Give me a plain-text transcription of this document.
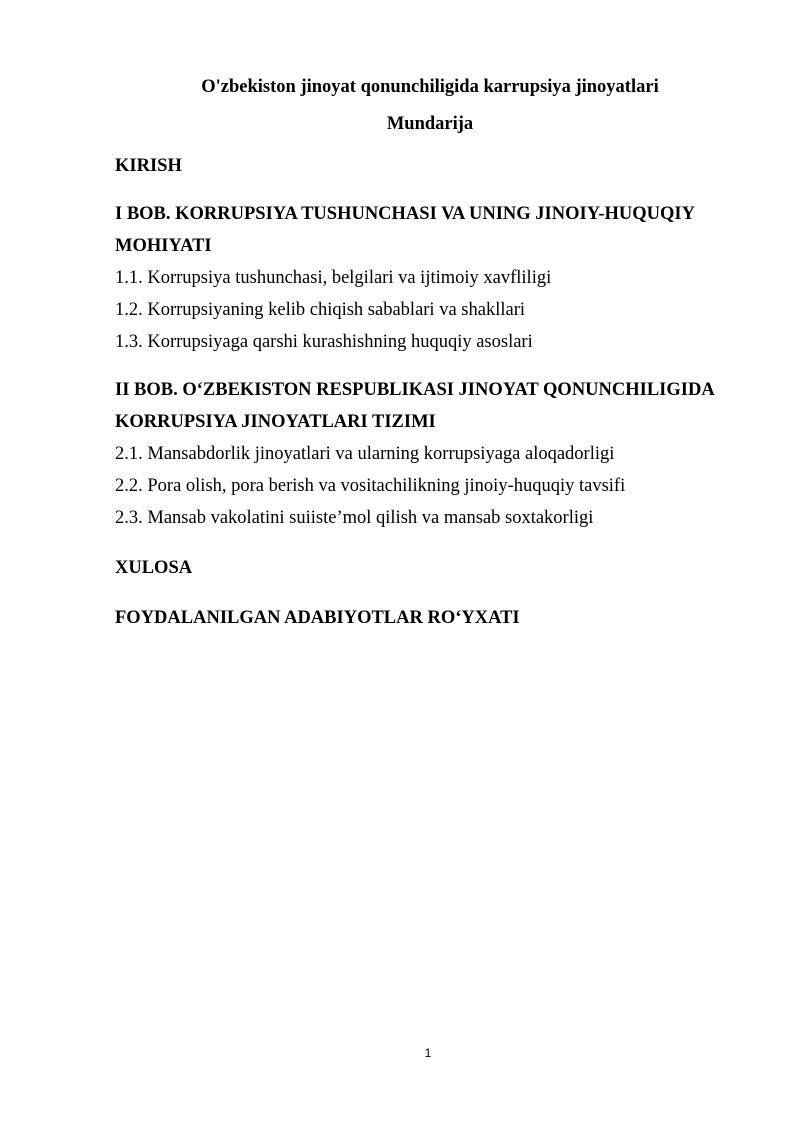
O'zbekiston jinoyat qonunchiligida karrupsiya jinoyatlari
Mundarija

KIRISH

I BOB. KORRUPSIYA TUSHUNCHASI VA UNING JINOIY-HUQUQIY

MOHIYATI

1.1. Korrupsiya tushunchasi, belgilari va ijtimoiy xavfliligi

1.2. Korrupsiyaning kelib chiqish sabablari va shakllari

1.3. Korrupsiyaga qarshi kurashishning huquqiy asoslari

II BOB. O‘ZBEKISTON RESPUBLIKASI JINOYAT QONUNCHILIGIDA

KORRUPSIYA JINOYATLARI TIZIMI

2.1. Mansabdorlik jinoyatlari va ularning korrupsiyaga aloqadorligi

2.2. Pora olish, pora berish va vositachilikning jinoiy-huquqiy tavsifi

2.3. Mansab vakolatini suiiste’mol qilish va mansab soxtakorligi

XULOSA

FOYDALANILGAN ADABIYOTLAR RO‘YXATI

1
